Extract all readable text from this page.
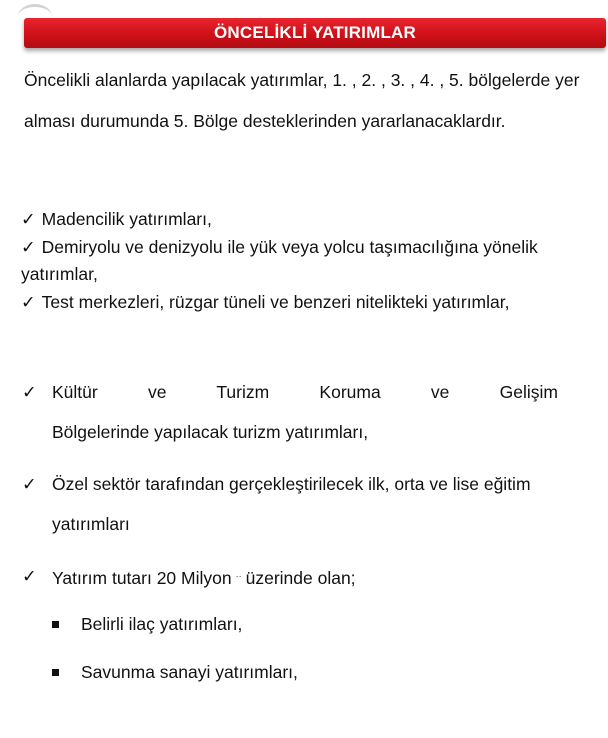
ÖNCELİKLİ YATIRIMLAR
Öncelikli alanlarda yapılacak yatırımlar, 1. , 2. , 3. , 4. , 5. bölgelerde yer alması durumunda 5. Bölge desteklerinden yararlanacaklardır.
✓ Madencilik yatırımları,
✓ Demiryolu ve denizyolu ile yük veya yolcu taşımacılığına yönelik yatırımlar,
✓ Test merkezleri, rüzgar tüneli ve benzeri nitelikteki yatırımlar,
✓ Kültür ve Turizm Koruma ve Gelişim
Bölgelerinde yapılacak turizm yatırımları,
✓ Özel sektör tarafından gerçekleştirilecek ilk, orta ve lise eğitim yatırımları
✓ Yatırım tutarı 20 Milyon ·· üzerinde olan;
Belirli ilaç yatırımları,
Savunma sanayi yatırımları,
